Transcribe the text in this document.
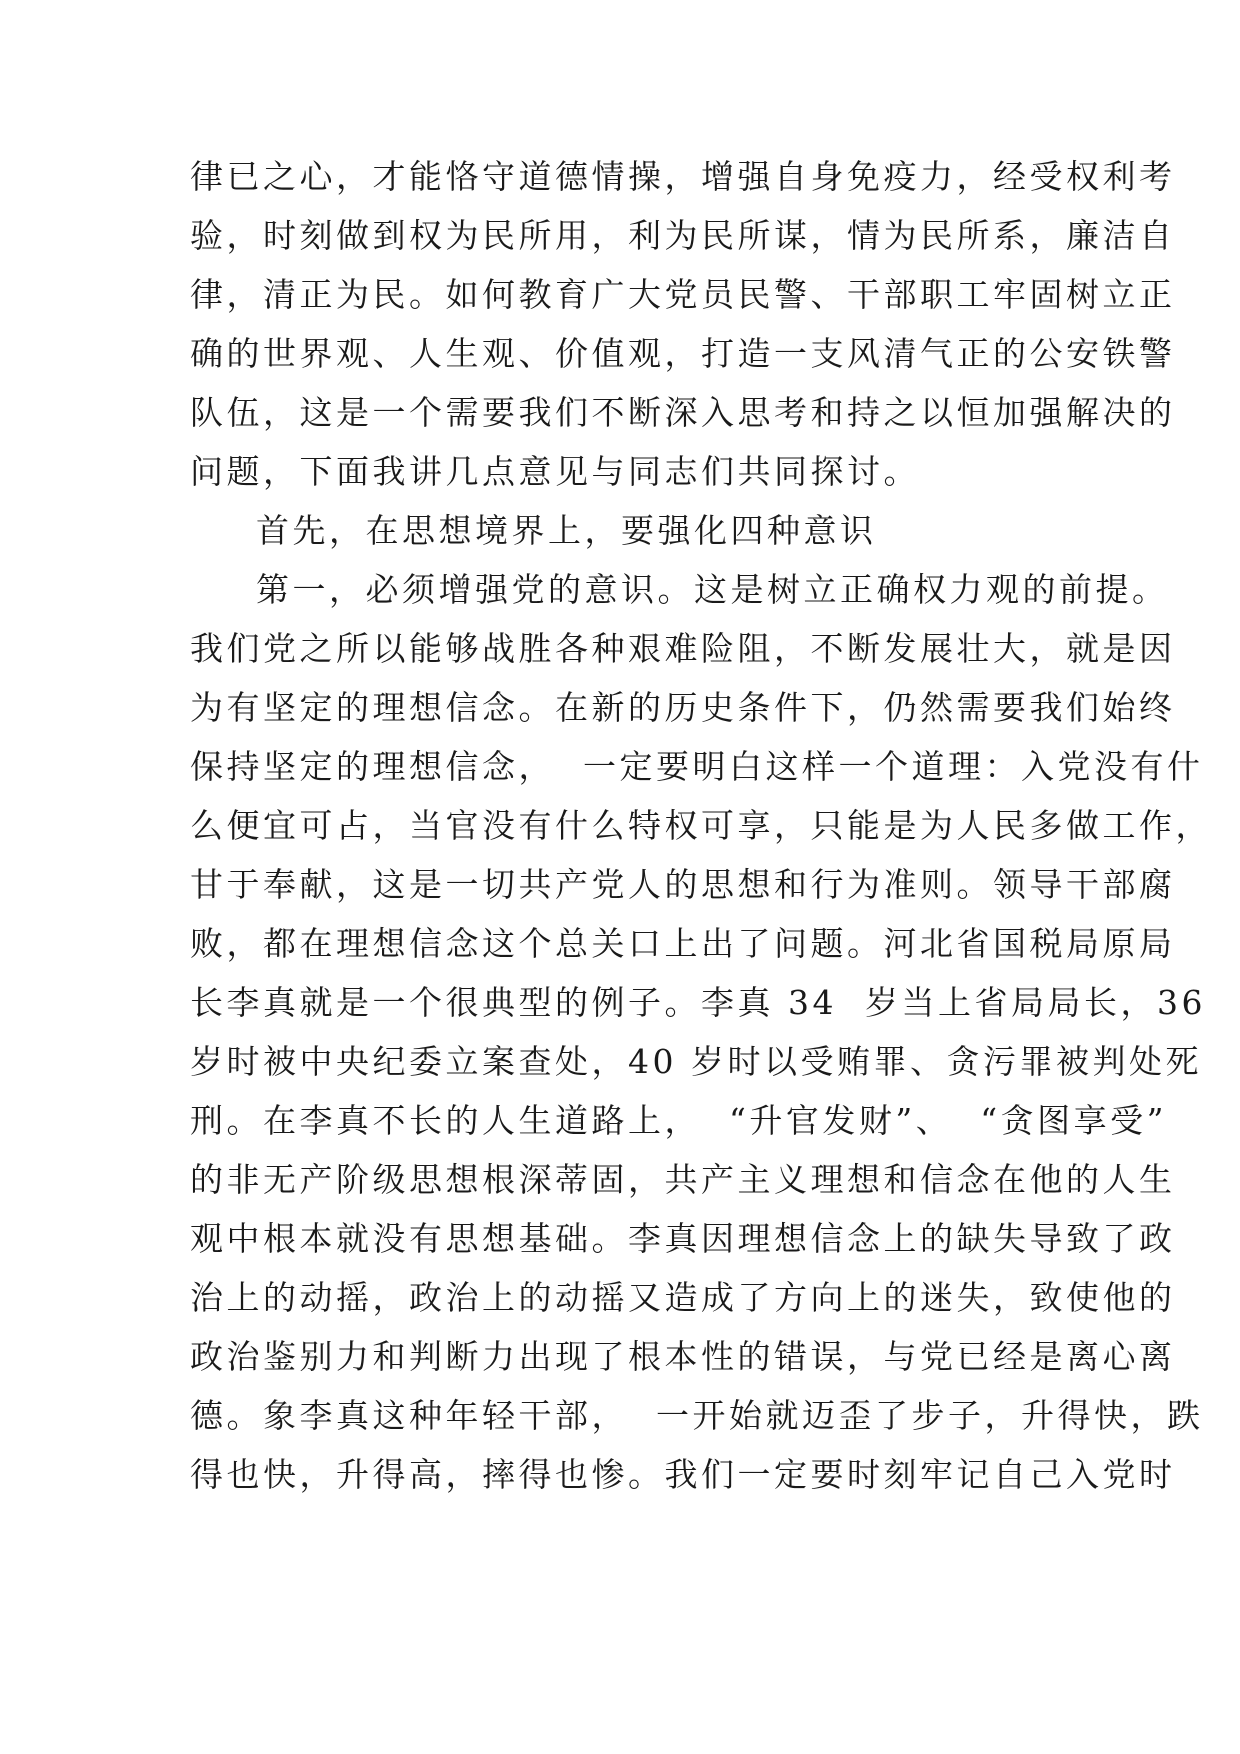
律已之心，才能恪守道德情操，增强自身免疫力，经受权利考
验，时刻做到权为民所用，利为民所谋，情为民所系，廉洁自
律，清正为民。如何教育广大党员民警、干部职工牢固树立正
确的世界观、人生观、价值观，打造一支风清气正的公安铁警
队伍，这是一个需要我们不断深入思考和持之以恒加强解决的
问题，下面我讲几点意见与同志们共同探讨。
首先，在思想境界上，要强化四种意识
第一，必须增强党的意识。这是树立正确权力观的前提。
我们党之所以能够战胜各种艰难险阻，不断发展壮大，就是因
为有坚定的理想信念。在新的历史条件下，仍然需要我们始终
保持坚定的理想信念，  一定要明白这样一个道理：入党没有什
么便宜可占，当官没有什么特权可享，只能是为人民多做工作，
甘于奉献，这是一切共产党人的思想和行为准则。领导干部腐
败，都在理想信念这个总关口上出了问题。河北省国税局原局
长李真就是一个很典型的例子。李真 34  岁当上省局局长，36
岁时被中央纪委立案查处，40 岁时以受贿罪、贪污罪被判处死
刑。在李真不长的人生道路上，  “升官发财”、  “贪图享受”
的非无产阶级思想根深蒂固，共产主义理想和信念在他的人生
观中根本就没有思想基础。李真因理想信念上的缺失导致了政
治上的动摇，政治上的动摇又造成了方向上的迷失，致使他的
政治鉴别力和判断力出现了根本性的错误，与党已经是离心离
德。象李真这种年轻干部，  一开始就迈歪了步子，升得快，跌
得也快，升得高，摔得也惨。我们一定要时刻牢记自己入党时
